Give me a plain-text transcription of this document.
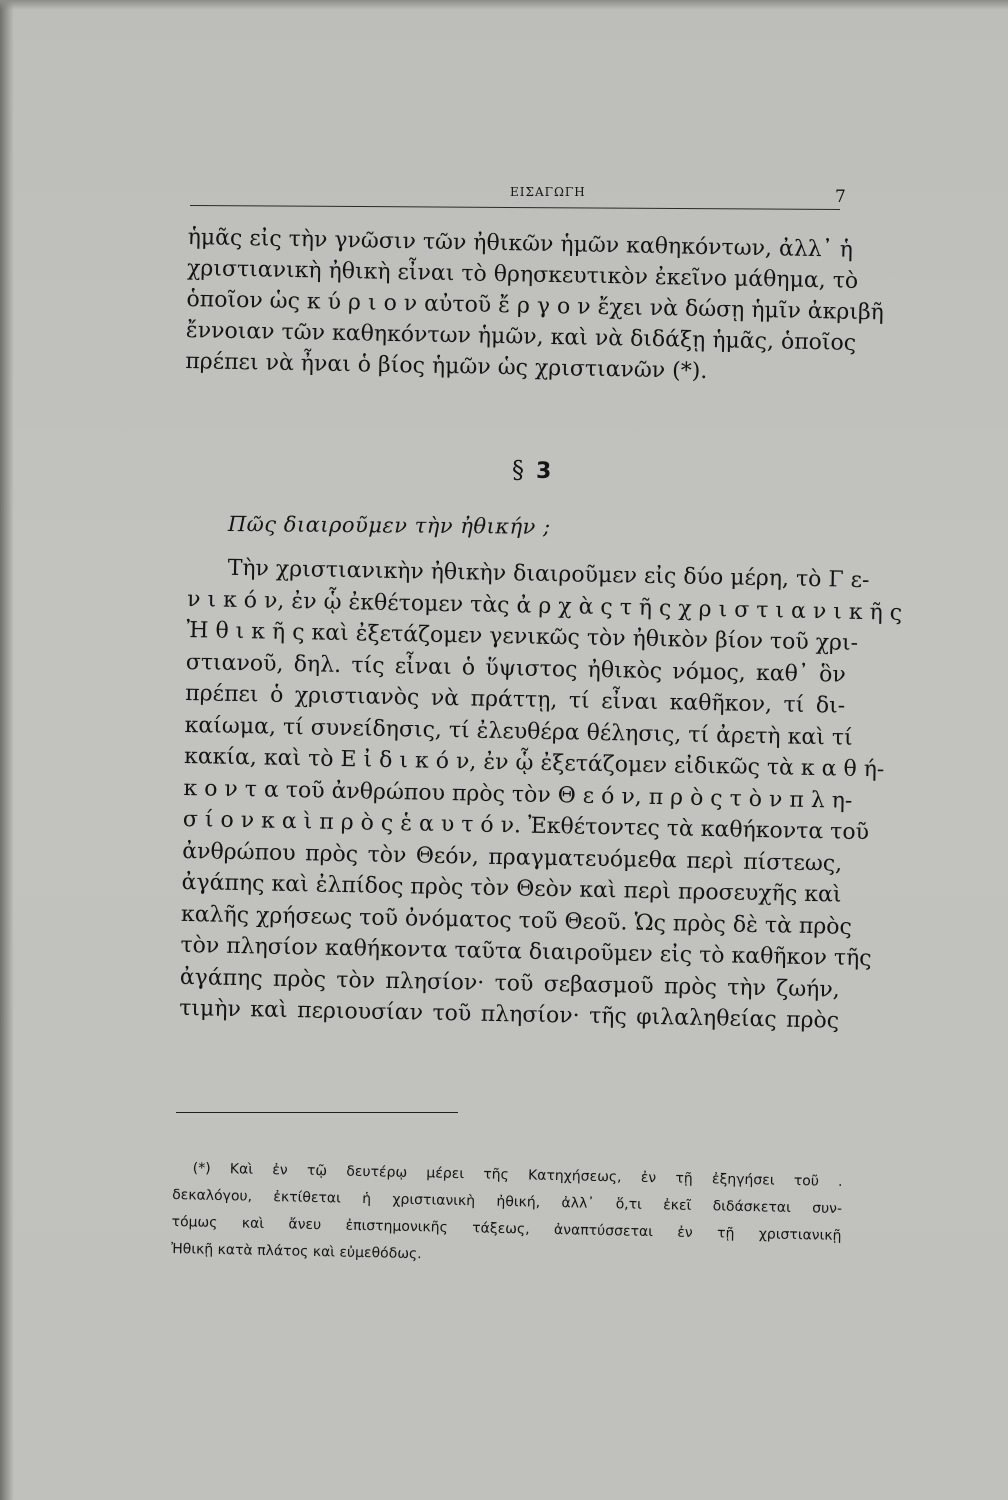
ΕΙΣΑΓΩΓΗ	7
ἡμᾶς εἰς τὴν γνῶσιν τῶν ἠθικῶν ἡμῶν καθηκόντων, ἀλλ᾽ ἡ
χριστιανικὴ ἠθικὴ εἶναι τὸ θρησκευτικὸν ἐκεῖνο μάθημα, τὸ
ὁποῖον ὡς κ ύ ρ ι ο ν αὐτοῦ ἔ ρ γ ο ν ἔχει νὰ δώσῃ ἡμῖν ἀκριβῆ
ἔννοιαν τῶν καθηκόντων ἡμῶν, καὶ νὰ διδάξῃ ἡμᾶς, ὁποῖος
πρέπει νὰ ἦναι ὁ βίος ἡμῶν ὡς χριστιανῶν (*).
§ 3
Πῶς διαιροῦμεν τὴν ἠθικήν ;
Τὴν χριστιανικὴν ἠθικὴν διαιροῦμεν εἰς δύο μέρη, τὸ Γ ε-
ν ι κ ό ν, ἐν ᾧ ἐκθέτομεν τὰς ἀ ρ χ ὰ ς τ ῆ ς χ ρ ι σ τ ι α ν ι κ ῆ ς
Ἠ θ ι κ ῆ ς καὶ ἐξετάζομεν γενικῶς τὸν ἠθικὸν βίον τοῦ χρι-
στιανοῦ, δηλ. τίς εἶναι ὁ ὕψιστος ἠθικὸς νόμος, καθ᾽ ὃν
πρέπει ὁ χριστιανὸς νὰ πράττῃ, τί εἶναι καθῆκον, τί δι-
καίωμα, τί συνείδησις, τί ἐλευθέρα θέλησις, τί ἀρετὴ καὶ τί
κακία, καὶ τὸ Ε ἰ δ ι κ ό ν, ἐν ᾧ ἐξετάζομεν εἰδικῶς τὰ κ α θ ή-
κ ο ν τ α τοῦ ἀνθρώπου πρὸς τὸν Θ ε ό ν, π ρ ὸ ς τ ὸ ν π λ η-
σ ί ο ν κ α ὶ π ρ ὸ ς ἑ α υ τ ό ν. Ἐκθέτοντες τὰ καθήκοντα τοῦ
ἀνθρώπου πρὸς τὸν Θεόν, πραγματευόμεθα περὶ πίστεως,
ἀγάπης καὶ ἐλπίδος πρὸς τὸν Θεὸν καὶ περὶ προσευχῆς καὶ
καλῆς χρήσεως τοῦ ὀνόματος τοῦ Θεοῦ. Ὡς πρὸς δὲ τὰ πρὸς
τὸν πλησίον καθήκοντα ταῦτα διαιροῦμεν εἰς τὸ καθῆκον τῆς
ἀγάπης πρὸς τὸν πλησίον· τοῦ σεβασμοῦ πρὸς τὴν ζωήν,
τιμὴν καὶ περιουσίαν τοῦ πλησίον· τῆς φιλαληθείας πρὸς
(*) Καὶ ἐν τῷ δευτέρῳ μέρει τῆς Κατηχήσεως, ἐν τῇ ἐξηγήσει τοῦ .
δεκαλόγου, ἐκτίθεται ἡ χριστιανικὴ ἠθική, ἀλλ᾽ ὅ,τι ἐκεῖ διδάσκεται συν-
τόμως καὶ ἄνευ ἐπιστημονικῆς τάξεως, ἀναπτύσσεται ἐν τῇ χριστιανικῇ
Ἠθικῇ κατὰ πλάτος καὶ εὐμεθόδως.
